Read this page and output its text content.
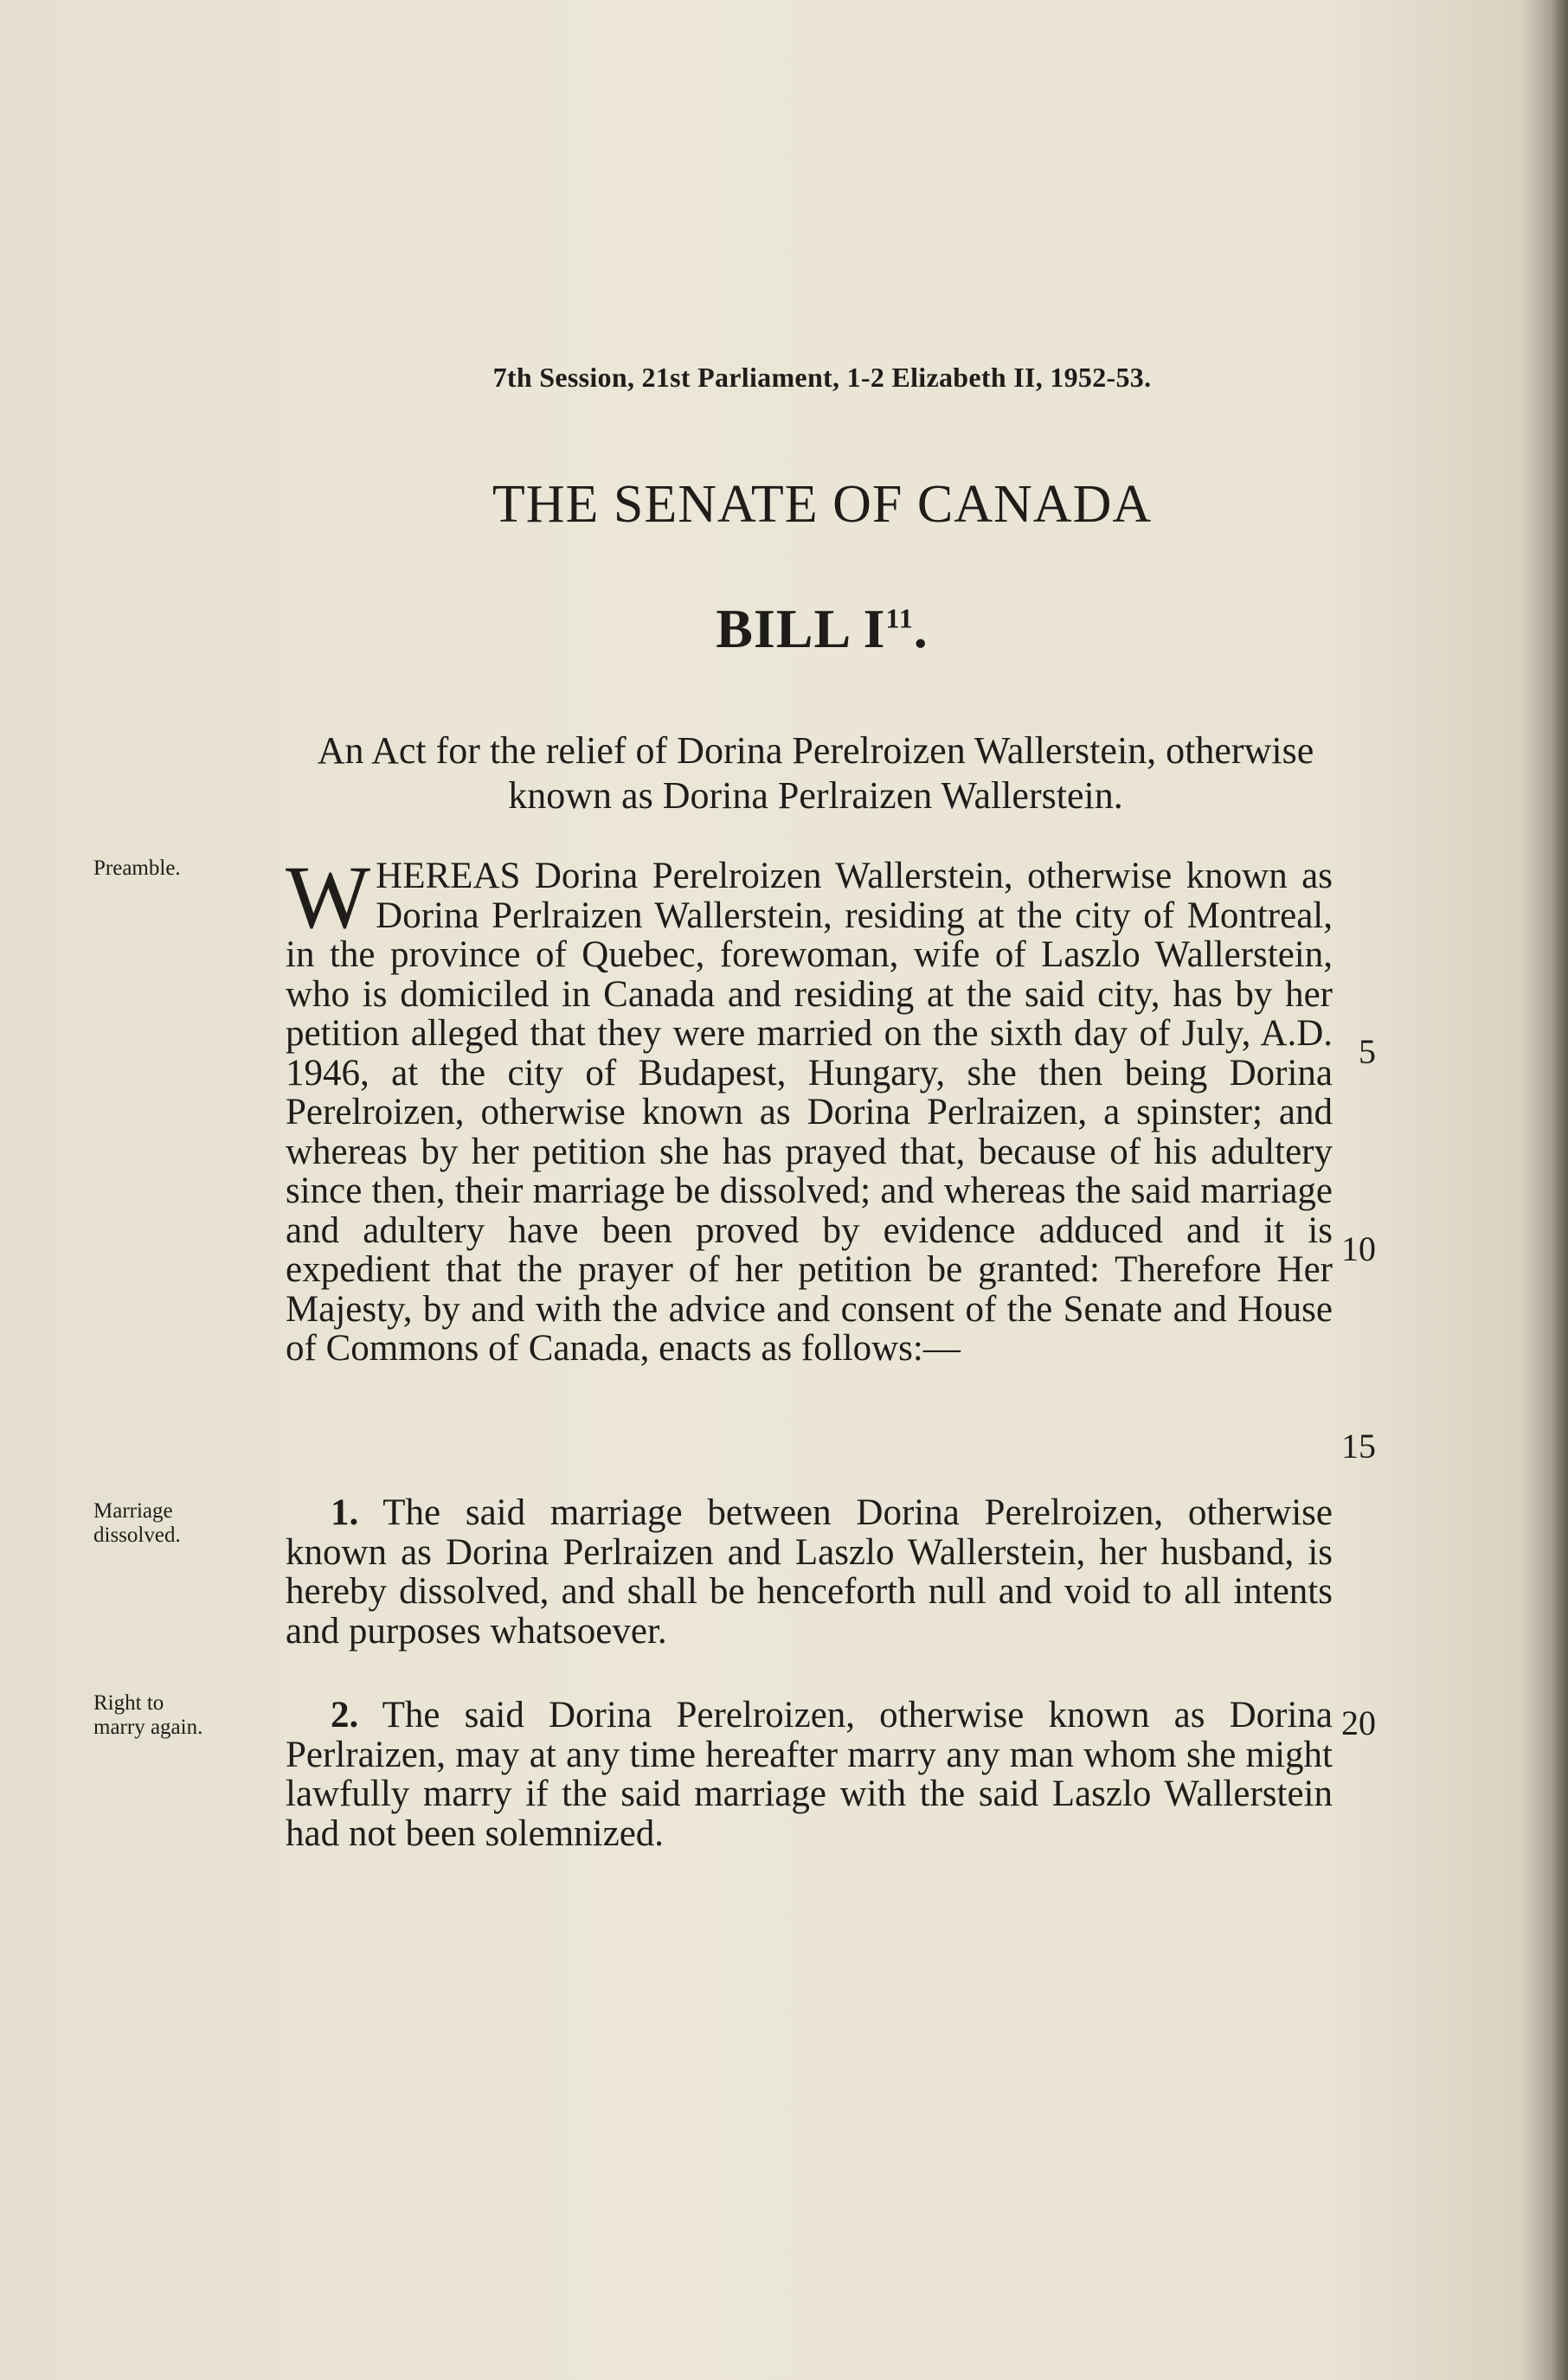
7th Session, 21st Parliament, 1-2 Elizabeth II, 1952-53.
THE SENATE OF CANADA
BILL $I^{11}$.
An Act for the relief of Dorina Perelroizen Wallerstein, otherwise known as Dorina Perlraizen Wallerstein.
Preamble.
Marriage
dissolved.
Right to
marry again.
WHEREAS Dorina Perelroizen Wallerstein, otherwise known as Dorina Perlraizen Wallerstein, residing at the city of Montreal, in the province of Quebec, forewoman, wife of Laszlo Wallerstein, who is domiciled in Canada and residing at the said city, has by her petition alleged that they were married on the sixth day of July, A.D. 1946, at the city of Budapest, Hungary, she then being Dorina Perelroizen, otherwise known as Dorina Perlraizen, a spinster; and whereas by her petition she has prayed that, because of his adultery since then, their marriage be dissolved; and whereas the said marriage and adultery have been proved by evidence adduced and it is expedient that the prayer of her petition be granted: Therefore Her Majesty, by and with the advice and consent of the Senate and House of Commons of Canada, enacts as follows:—
1. The said marriage between Dorina Perelroizen, otherwise known as Dorina Perlraizen and Laszlo Wallerstein, her husband, is hereby dissolved, and shall be henceforth null and void to all intents and purposes whatsoever.
2. The said Dorina Perelroizen, otherwise known as Dorina Perlraizen, may at any time hereafter marry any man whom she might lawfully marry if the said marriage with the said Laszlo Wallerstein had not been solemnized.
5
10
15
20
